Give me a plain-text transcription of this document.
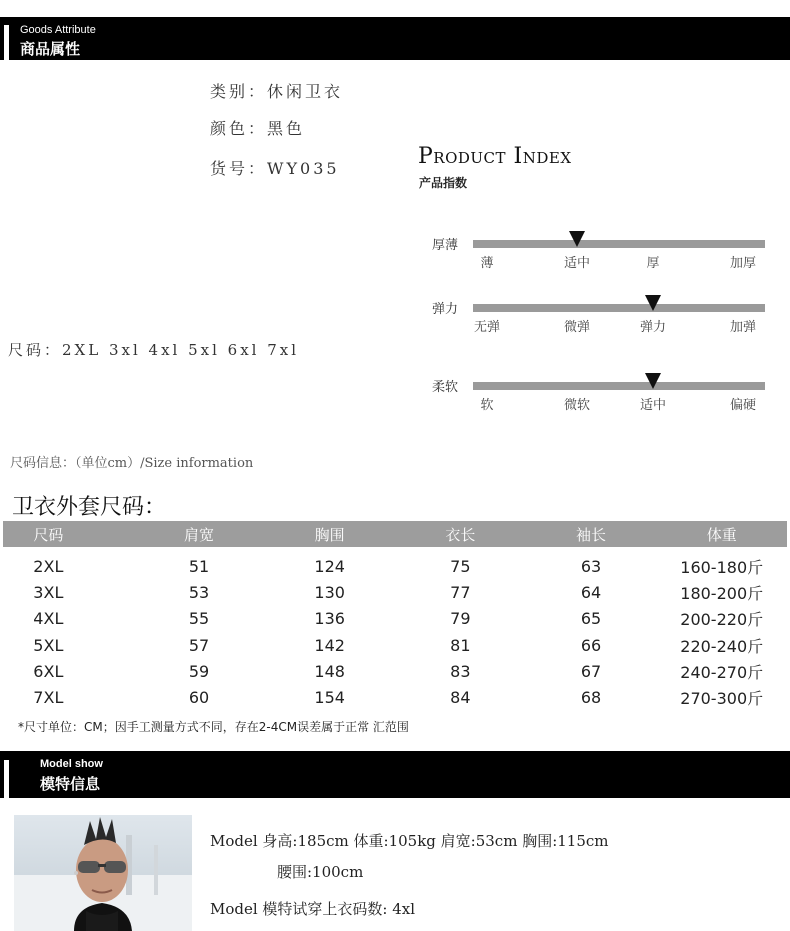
Goods Attribute
商品属性
类别：休闲卫衣
颜色：黑色
货号：WY035
尺码：2XL 3xl 4xl 5xl 6xl 7xl
Product Index
产品指数
厚薄
薄	适中	厚	加厚
弹力
无弹	微弹	弹力	加弹
柔软
软	微软	适中	偏硬
尺码信息：（单位cm）/Size information
卫衣外套尺码：
尺码	肩宽	胸围	衣长	袖长	体重
2XL	51	124	75	63	160-180斤
3XL	53	130	77	64	180-200斤
4XL	55	136	79	65	200-220斤
5XL	57	142	81	66	220-240斤
6XL	59	148	83	67	240-270斤
7XL	60	154	84	68	270-300斤
*尺寸单位：CM；因手工测量方式不同，存在2-4CM误差属于正常 汇范围
Model show
模特信息
Model 身高:185cm 体重:105kg 肩宽:53cm 胸围:115cm
腰围:100cm
Model 模特试穿上衣码数: 4xl
